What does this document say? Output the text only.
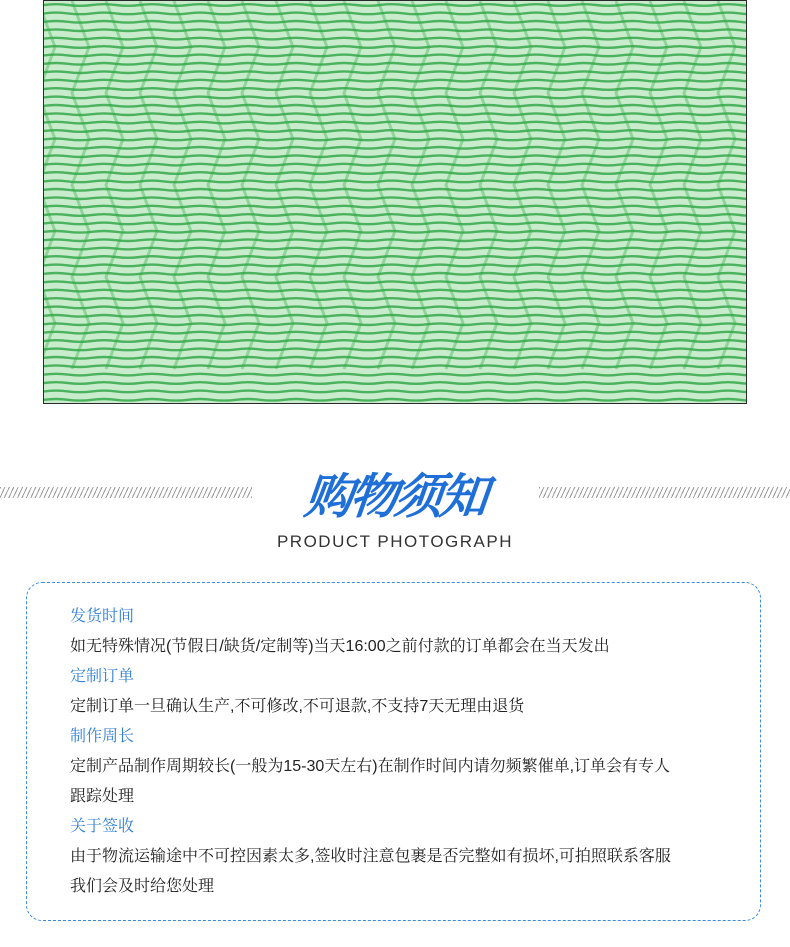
购物须知
PRODUCT PHOTOGRAPH
发货时间
如无特殊情况(节假日/缺货/定制等)当天16:00之前付款的订单都会在当天发出
定制订单
定制订单一旦确认生产,不可修改,不可退款,不支持7天无理由退货
制作周长
定制产品制作周期较长(一般为15-30天左右)在制作时间内请勿频繁催单,订单会有专人
跟踪处理
关于签收
由于物流运输途中不可控因素太多,签收时注意包裹是否完整如有损坏,可拍照联系客服
我们会及时给您处理
